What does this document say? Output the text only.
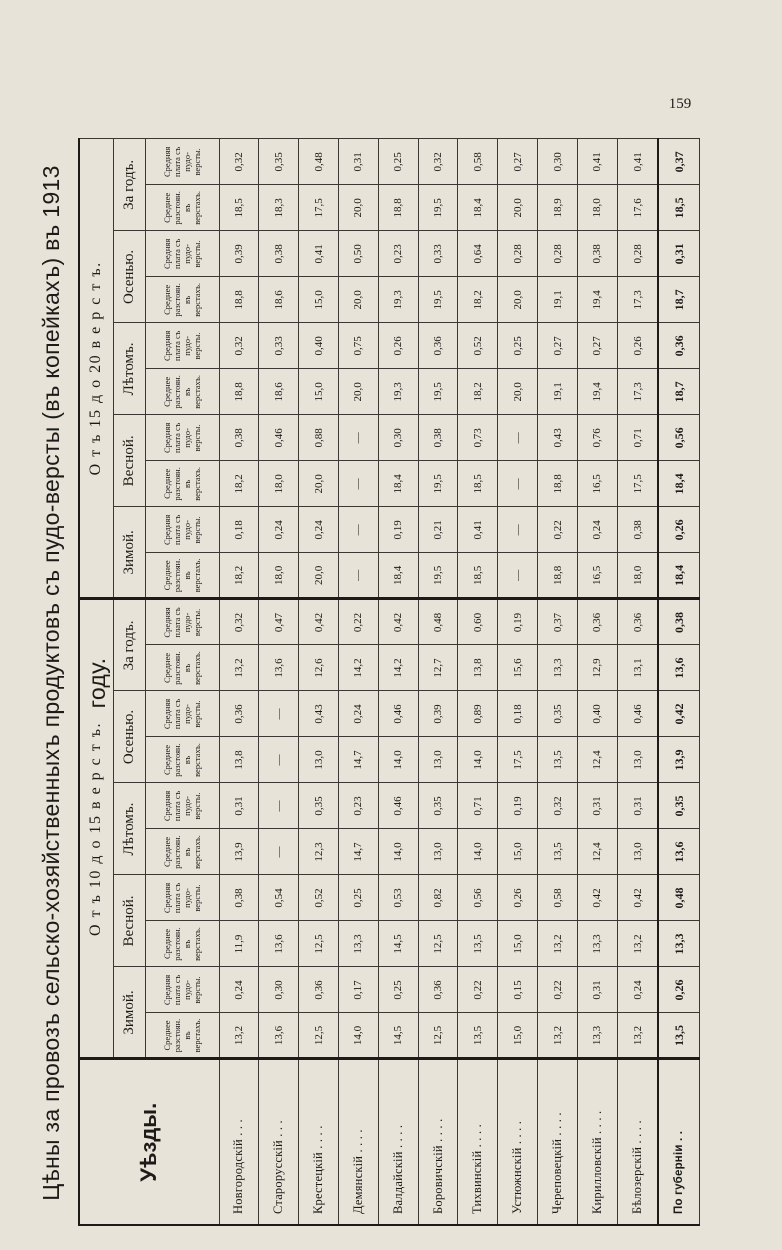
159
Цѣны за провозъ сельско-хозяйственныхъ продуктовъ съ пудо-версты (въ копейкахъ) въ 1913 году.
Уѣзды.	О т ъ 10 д о 15 в е р с т ъ.										О т ъ 15 д о 20 в е р с т ъ.									
	Зимой.		Весной.		Лѣтомъ.		Осенью.		За годъ.		Зимой.		Весной.		Лѣтомъ.		Осенью.		За годъ.	
	Среднее разстоян. въ верстахъ.	Средняя плата съ пудо-версты.	Среднее разстоян. въ верстахъ.	Средняя плата съ пудо-версты.	Среднее разстоян. въ верстахъ.	Средняя плата съ пудо-версты.	Среднее разстоян. въ верстахъ.	Средняя плата съ пудо-версты.	Среднее разстоян. въ верстахъ.	Средняя плата съ пудо-версты.	Среднее разстоян. въ верстахъ.	Средняя плата съ пудо-версты.	Среднее разстоян. въ верстахъ.	Средняя плата съ пудо-версты.	Среднее разстоян. въ верстахъ.	Средняя плата съ пудо-версты.	Среднее разстоян. въ верстахъ.	Средняя плата съ пудо-версты.	Среднее разстоян. въ верстахъ.	Средняя плата съ пудо-версты.
Новгородскій . . .	13,2	0,24	11,9	0,38	13,9	0,31	13,8	0,36	13,2	0,32	18,2	0,18	18,2	0,38	18,8	0,32	18,8	0,39	18,5	0,32
Старорусскій . . .	13,6	0,30	13,6	0,54	—	—	—	—	13,6	0,47	18,0	0,24	18,0	0,46	18,6	0,33	18,6	0,38	18,3	0,35
Крестецкій . . . .	12,5	0,36	12,5	0,52	12,3	0,35	13,0	0,43	12,6	0,42	20,0	0,24	20,0	0,88	15,0	0,40	15,0	0,41	17,5	0,48
Демянскій . . . .	14,0	0,17	13,3	0,25	14,7	0,23	14,7	0,24	14,2	0,22	—	—	—	—	20,0	0,75	20,0	0,50	20,0	0,31
Валдайскій . . . .	14,5	0,25	14,5	0,53	14,0	0,46	14,0	0,46	14,2	0,42	18,4	0,19	18,4	0,30	19,3	0,26	19,3	0,23	18,8	0,25
Боровичскій . . . .	12,5	0,36	12,5	0,82	13,0	0,35	13,0	0,39	12,7	0,48	19,5	0,21	19,5	0,38	19,5	0,36	19,5	0,33	19,5	0,32
Тихвинскій . . . .	13,5	0,22	13,5	0,56	14,0	0,71	14,0	0,89	13,8	0,60	18,5	0,41	18,5	0,73	18,2	0,52	18,2	0,64	18,4	0,58
Устюжнскій . . . .	15,0	0,15	15,0	0,26	15,0	0,19	17,5	0,18	15,6	0,19	—	—	—	—	20,0	0,25	20,0	0,28	20,0	0,27
Череповецкій . . . .	13,2	0,22	13,2	0,58	13,5	0,32	13,5	0,35	13,3	0,37	18,8	0,22	18,8	0,43	19,1	0,27	19,1	0,28	18,9	0,30
Кирилловскій . . . .	13,3	0,31	13,3	0,42	12,4	0,31	12,4	0,40	12,9	0,36	16,5	0,24	16,5	0,76	19,4	0,27	19,4	0,38	18,0	0,41
Бѣлозерскій . . . .	13,2	0,24	13,2	0,42	13,0	0,31	13,0	0,46	13,1	0,36	18,0	0,38	17,5	0,71	17,3	0,26	17,3	0,28	17,6	0,41
По губерніи . .	13,5	0,26	13,3	0,48	13,6	0,35	13,9	0,42	13,6	0,38	18,4	0,26	18,4	0,56	18,7	0,36	18,7	0,31	18,5	0,37
